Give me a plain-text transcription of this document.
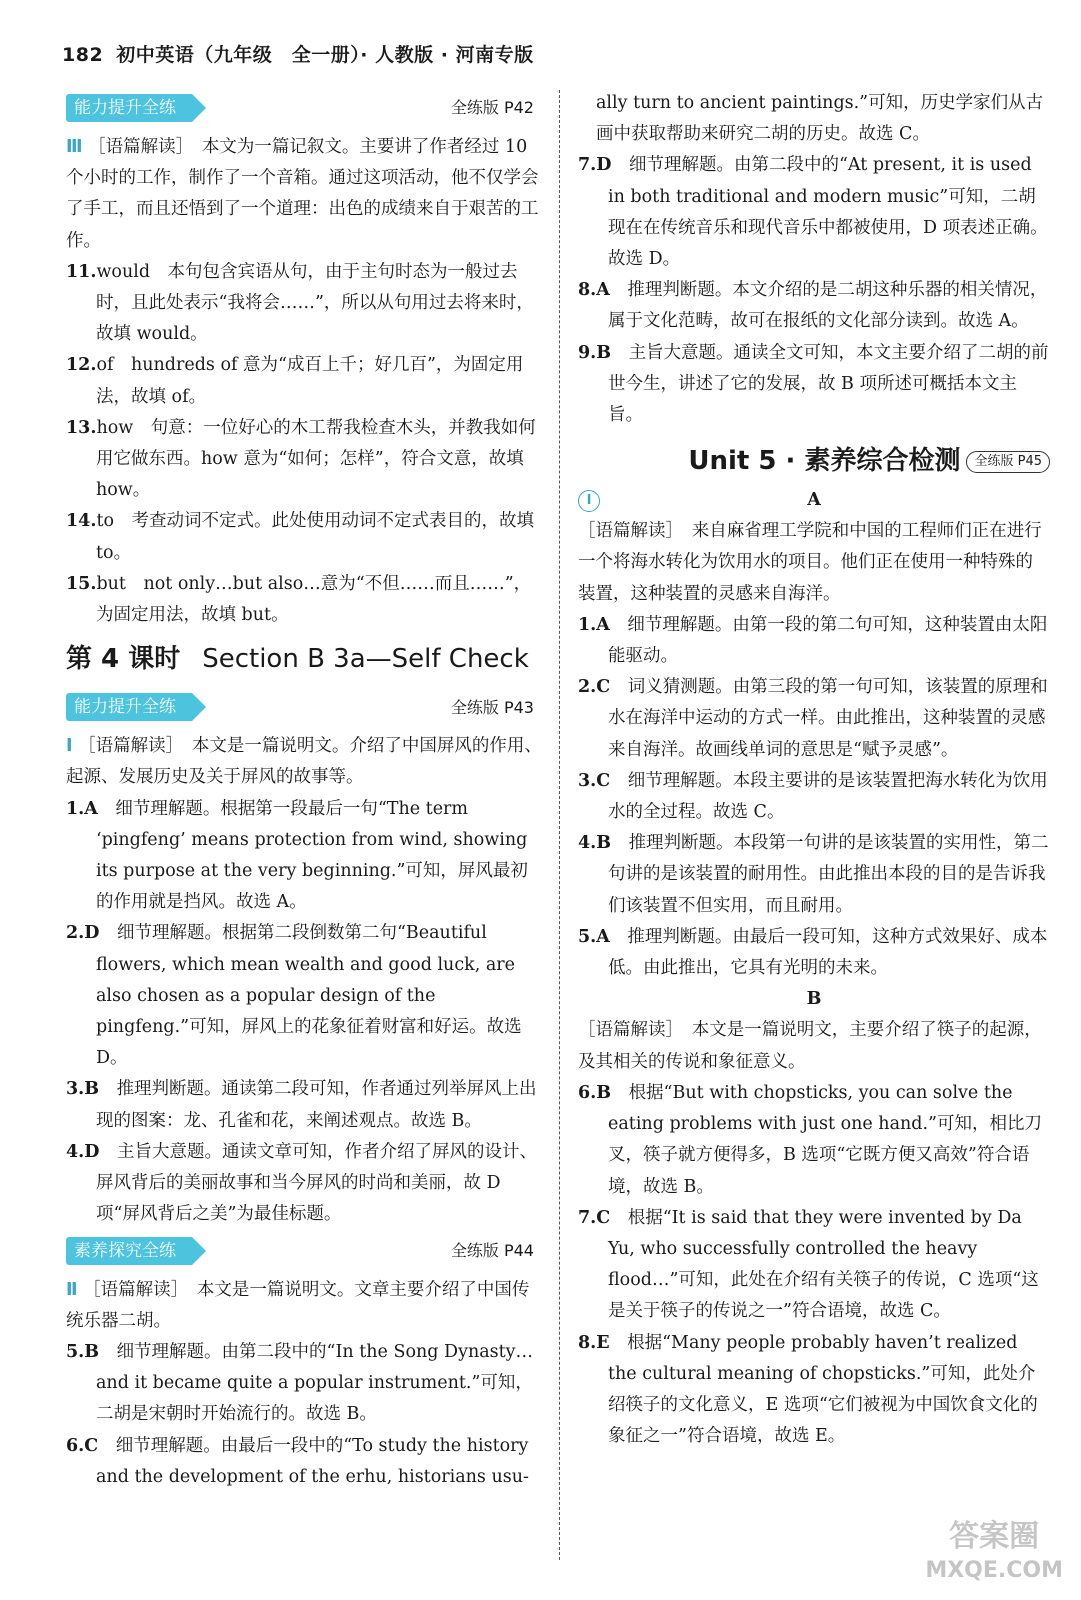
182 初中英语（九年级　全一册）· 人教版 · 河南专版
能力提升全练	全练版 P42

Ⅲ ［语篇解读］　本文为一篇记叙文。主要讲了作者经过 10 个小时的工作，制作了一个音箱。通过这项活动，他不仅学会了手工，而且还悟到了一个道理：出色的成绩来自于艰苦的工作。

11.would　本句包含宾语从句，由于主句时态为一般过去时，且此处表示“我将会……”，所以从句用过去将来时，故填 would。

12.of　hundreds of 意为“成百上千；好几百”，为固定用法，故填 of。

13.how　句意：一位好心的木工帮我检查木头，并教我如何用它做东西。how 意为“如何；怎样”，符合文意，故填 how。

14.to　考查动词不定式。此处使用动词不定式表目的，故填 to。

15.but　not only…but also…意为“不但……而且……”，为固定用法，故填 but。

第 4 课时 Section B 3a—Self Check
能力提升全练	全练版 P43

Ⅰ ［语篇解读］　本文是一篇说明文。介绍了中国屏风的作用、起源、发展历史及关于屏风的故事等。

1.A　 细节理解题。根据第一段最后一句“The term ‘pingfeng’ means protection from wind, showing its purpose at the very beginning.”可知，屏风最初的作用就是挡风。故选 A。

2.D　 细节理解题。根据第二段倒数第二句“Beautiful flowers, which mean wealth and good luck, are also chosen as a popular design of the pingfeng.”可知，屏风上的花象征着财富和好运。故选 D。

3.B　 推理判断题。通读第二段可知，作者通过列举屏风上出现的图案：龙、孔雀和花，来阐述观点。故选 B。

4.D　 主旨大意题。通读文章可知，作者介绍了屏风的设计、屏风背后的美丽故事和当今屏风的时尚和美丽，故 D 项“屏风背后之美”为最佳标题。

素养探究全练	全练版 P44

Ⅱ ［语篇解读］　本文是一篇说明文。文章主要介绍了中国传统乐器二胡。

5.B　 细节理解题。由第二段中的“In the Song Dynasty…and it became quite a popular instrument.”可知，二胡是宋朝时开始流行的。故选 B。

6.C　 细节理解题。由最后一段中的“To study the history and the development of the erhu, historians usu-

ally turn to ancient paintings.”可知，历史学家们从古画中获取帮助来研究二胡的历史。故选 C。

7.D　 细节理解题。由第二段中的“At present, it is used in both traditional and modern music”可知，二胡现在在传统音乐和现代音乐中都被使用，D 项表述正确。故选 D。

8.A　 推理判断题。本文介绍的是二胡这种乐器的相关情况，属于文化范畴，故可在报纸的文化部分读到。故选 A。

9.B　 主旨大意题。通读全文可知，本文主要介绍了二胡的前世今生，讲述了它的发展，故 B 项所述可概括本文主旨。

Unit 5 · 素养综合检测 全练版 P45
I	A

［语篇解读］　来自麻省理工学院和中国的工程师们正在进行一个将海水转化为饮用水的项目。他们正在使用一种特殊的装置，这种装置的灵感来自海洋。

1.A　 细节理解题。由第一段的第二句可知，这种装置由太阳能驱动。

2.C　 词义猜测题。由第三段的第一句可知，该装置的原理和水在海洋中运动的方式一样。由此推出，这种装置的灵感来自海洋。故画线单词的意思是“赋予灵感”。

3.C　 细节理解题。本段主要讲的是该装置把海水转化为饮用水的全过程。故选 C。

4.B　 推理判断题。本段第一句讲的是该装置的实用性，第二句讲的是该装置的耐用性。由此推出本段的目的是告诉我们该装置不但实用，而且耐用。

5.A　 推理判断题。由最后一段可知，这种方式效果好、成本低。由此推出，它具有光明的未来。

B

［语篇解读］　本文是一篇说明文，主要介绍了筷子的起源，及其相关的传说和象征意义。

6.B　 根据“But with chopsticks, you can solve the eating problems with just one hand.”可知，相比刀叉，筷子就方便得多，B 选项“它既方便又高效”符合语境，故选 B。

7.C　 根据“It is said that they were invented by Da Yu, who successfully controlled the heavy flood…”可知，此处在介绍有关筷子的传说，C 选项“这是关于筷子的传说之一”符合语境，故选 C。

8.E　 根据“Many people probably haven’t realized the cultural meaning of chopsticks.”可知，此处介绍筷子的文化意义，E 选项“它们被视为中国饮食文化的象征之一”符合语境，故选 E。

答案圈
MXQE.COM
